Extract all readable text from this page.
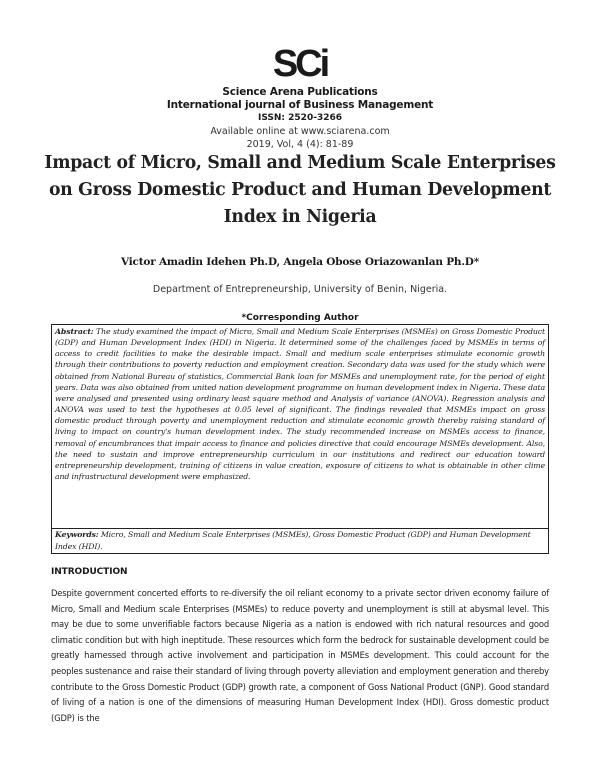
SCi
Science Arena Publications
International journal of Business Management
ISSN: 2520-3266
Available online at www.sciarena.com
2019, Vol, 4 (4): 81-89
Impact of Micro, Small and Medium Scale Enterprises on Gross Domestic Product and Human Development Index in Nigeria
Victor Amadin Idehen Ph.D, Angela Obose Oriazowanlan Ph.D*
Department of Entrepreneurship, University of Benin, Nigeria.
*Corresponding Author
Abstract: The study examined the impact of Micro, Small and Medium Scale Enterprises (MSMEs) on Gross Domestic Product (GDP) and Human Development Index (HDI) in Nigeria. It determined some of the challenges faced by MSMEs in terms of access to credit facilities to make the desirable impact. Small and medium scale enterprises stimulate economic growth through their contributions to poverty reduction and employment creation. Secondary data was used for the study which were obtained from National Bureau of statistics, Commercial Bank loan for MSMEs and unemployment rate, for the period of eight years. Data was also obtained from united nation development programme on human development index in Nigeria. These data were analysed and presented using ordinary least square method and Analysis of variance (ANOVA). Regression analysis and ANOVA was used to test the hypotheses at 0.05 level of significant. The findings revealed that MSMEs impact on gross domestic product through poverty and unemployment reduction and stimulate economic growth thereby raising standard of living to impact on country's human development index. The study recommended increase on MSMEs access to finance, removal of encumbrances that impair access to finance and policies directive that could encourage MSMEs development. Also, the need to sustain and improve entrepreneurship curriculum in our institutions and redirect our education toward entrepreneurship development, training of citizens in value creation, exposure of citizens to what is obtainable in other clime and infrastructural development were emphasized.
Keywords: Micro, Small and Medium Scale Enterprises (MSMEs), Gross Domestic Product (GDP) and Human Development Index (HDI).
INTRODUCTION
Despite government concerted efforts to re-diversify the oil reliant economy to a private sector driven economy failure of Micro, Small and Medium scale Enterprises (MSMEs) to reduce poverty and unemployment is still at abysmal level. This may be due to some unverifiable factors because Nigeria as a nation is endowed with rich natural resources and good climatic condition but with high ineptitude. These resources which form the bedrock for sustainable development could be greatly harnessed through active involvement and participation in MSMEs development. This could account for the peoples sustenance and raise their standard of living through poverty alleviation and employment generation and thereby contribute to the Gross Domestic Product (GDP) growth rate, a component of Goss National Product (GNP). Good standard of living of a nation is one of the dimensions of measuring Human Development Index (HDI). Gross domestic product (GDP) is the
